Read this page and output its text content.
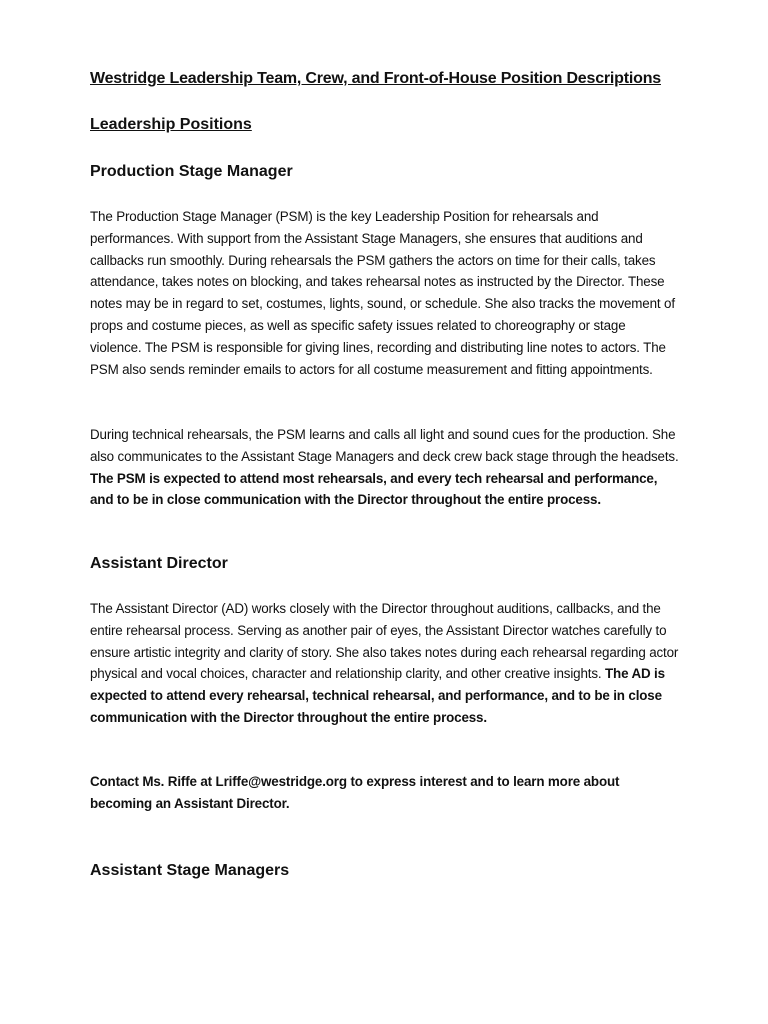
Westridge Leadership Team, Crew, and Front-of-House Position Descriptions
Leadership Positions
Production Stage Manager
The Production Stage Manager (PSM) is the key Leadership Position for rehearsals and performances. With support from the Assistant Stage Managers, she ensures that auditions and callbacks run smoothly. During rehearsals the PSM gathers the actors on time for their calls, takes attendance, takes notes on blocking, and takes rehearsal notes as instructed by the Director. These notes may be in regard to set, costumes, lights, sound, or schedule. She also tracks the movement of props and costume pieces, as well as specific safety issues related to choreography or stage violence. The PSM is responsible for giving lines, recording and distributing line notes to actors. The PSM also sends reminder emails to actors for all costume measurement and fitting appointments.
During technical rehearsals, the PSM learns and calls all light and sound cues for the production. She also communicates to the Assistant Stage Managers and deck crew back stage through the headsets. The PSM is expected to attend most rehearsals, and every tech rehearsal and performance, and to be in close communication with the Director throughout the entire process.
Assistant Director
The Assistant Director (AD) works closely with the Director throughout auditions, callbacks, and the entire rehearsal process. Serving as another pair of eyes, the Assistant Director watches carefully to ensure artistic integrity and clarity of story. She also takes notes during each rehearsal regarding actor physical and vocal choices, character and relationship clarity, and other creative insights. The AD is expected to attend every rehearsal, technical rehearsal, and performance, and to be in close communication with the Director throughout the entire process.
Contact Ms. Riffe at Lriffe@westridge.org to express interest and to learn more about becoming an Assistant Director.
Assistant Stage Managers
